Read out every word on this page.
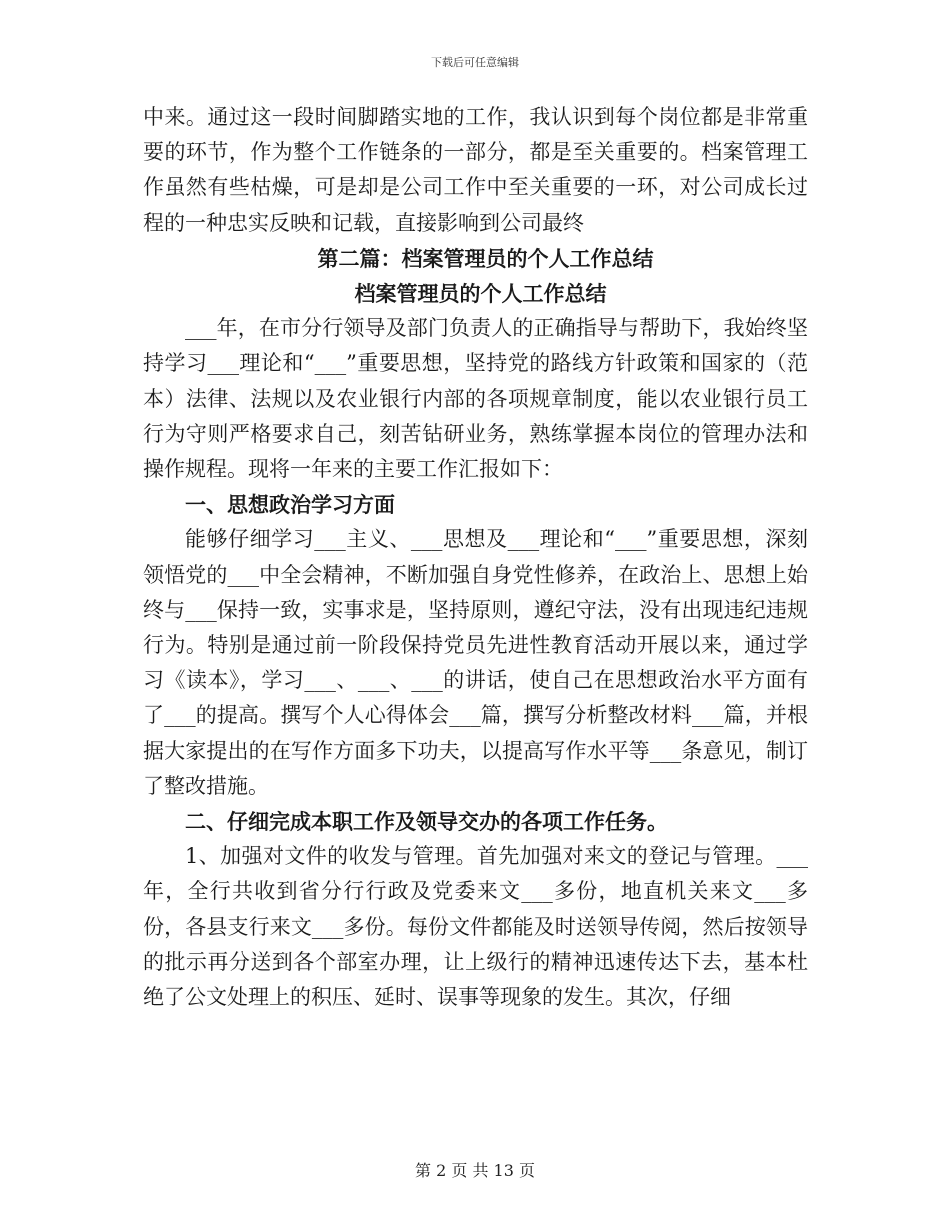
下载后可任意编辑

中来。通过这一段时间脚踏实地的工作，我认识到每个岗位都是非常重要的环节，作为整个工作链条的一部分，都是至关重要的。档案管理工作虽然有些枯燥，可是却是公司工作中至关重要的一环，对公司成长过程的一种忠实反映和记载，直接影响到公司最终

第二篇：档案管理员的个人工作总结

档案管理员的个人工作总结

___年，在市分行领导及部门负责人的正确指导与帮助下，我始终坚持学习___理论和“___”重要思想，坚持党的路线方针政策和国家的（范本）法律、法规以及农业银行内部的各项规章制度，能以农业银行员工行为守则严格要求自己，刻苦钻研业务，熟练掌握本岗位的管理办法和操作规程。现将一年来的主要工作汇报如下：

一、思想政治学习方面

能够仔细学习___主义、___思想及___理论和“___”重要思想，深刻领悟党的___中全会精神，不断加强自身党性修养，在政治上、思想上始终与___保持一致，实事求是，坚持原则，遵纪守法，没有出现违纪违规行为。特别是通过前一阶段保持党员先进性教育活动开展以来，通过学习《读本》，学习___、___、___的讲话，使自己在思想政治水平方面有了___的提高。撰写个人心得体会___篇，撰写分析整改材料___篇，并根据大家提出的在写作方面多下功夫，以提高写作水平等___条意见，制订了整改措施。

二、仔细完成本职工作及领导交办的各项工作任务。

1、加强对文件的收发与管理。首先加强对来文的登记与管理。___年，全行共收到省分行行政及党委来文___多份，地直机关来文___多份，各县支行来文___多份。每份文件都能及时送领导传阅，然后按领导的批示再分送到各个部室办理，让上级行的精神迅速传达下去，基本杜绝了公文处理上的积压、延时、误事等现象的发生。其次，仔细

第 2 页 共 13 页
